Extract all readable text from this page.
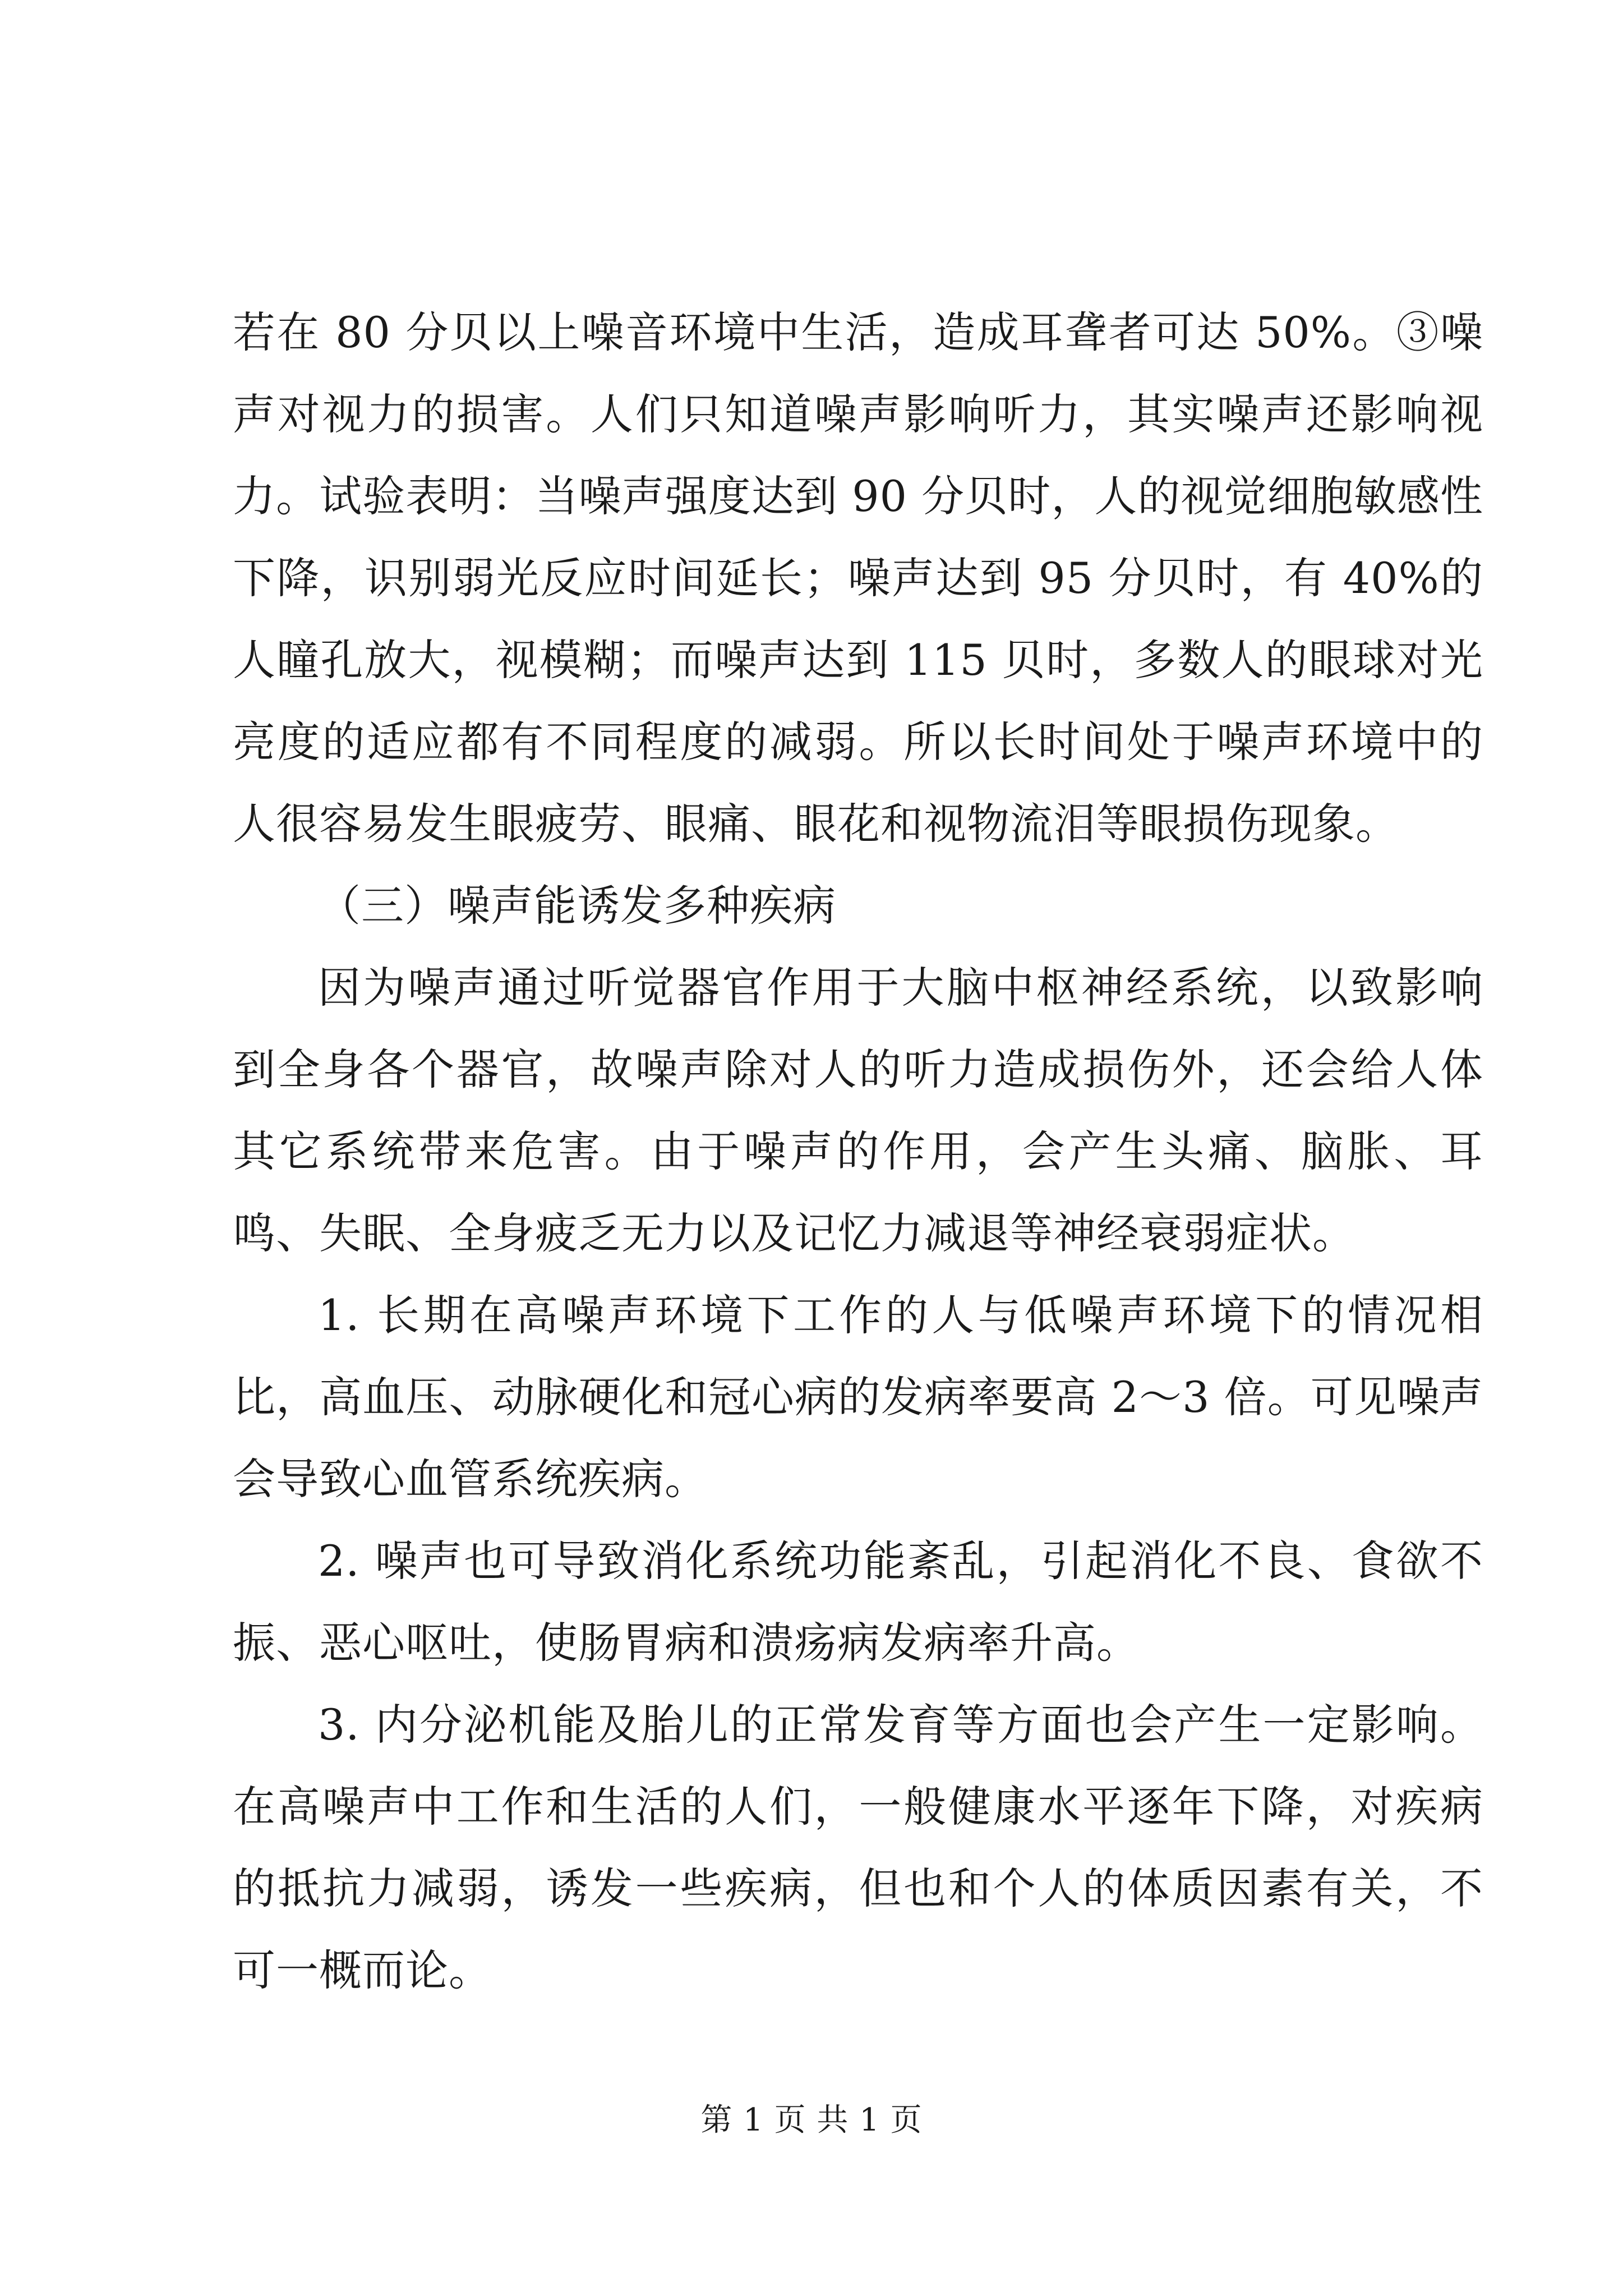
若在 80 分贝以上噪音环境中生活，造成耳聋者可达 50%。③噪声对视力的损害。人们只知道噪声影响听力，其实噪声还影响视力。试验表明：当噪声强度达到 90 分贝时，人的视觉细胞敏感性下降，识别弱光反应时间延长；噪声达到 95 分贝时，有 40%的人瞳孔放大，视模糊；而噪声达到 115 贝时，多数人的眼球对光亮度的适应都有不同程度的减弱。所以长时间处于噪声环境中的人很容易发生眼疲劳、眼痛、眼花和视物流泪等眼损伤现象。

（三）噪声能诱发多种疾病

因为噪声通过听觉器官作用于大脑中枢神经系统，以致影响到全身各个器官，故噪声除对人的听力造成损伤外，还会给人体其它系统带来危害。由于噪声的作用，会产生头痛、脑胀、耳鸣、失眠、全身疲乏无力以及记忆力减退等神经衰弱症状。

1. 长期在高噪声环境下工作的人与低噪声环境下的情况相比，高血压、动脉硬化和冠心病的发病率要高 2～3 倍。可见噪声会导致心血管系统疾病。

2. 噪声也可导致消化系统功能紊乱，引起消化不良、食欲不振、恶心呕吐，使肠胃病和溃疡病发病率升高。

3. 内分泌机能及胎儿的正常发育等方面也会产生一定影响。在高噪声中工作和生活的人们，一般健康水平逐年下降，对疾病的抵抗力减弱，诱发一些疾病，但也和个人的体质因素有关，不可一概而论。

第 1 页 共 1 页
